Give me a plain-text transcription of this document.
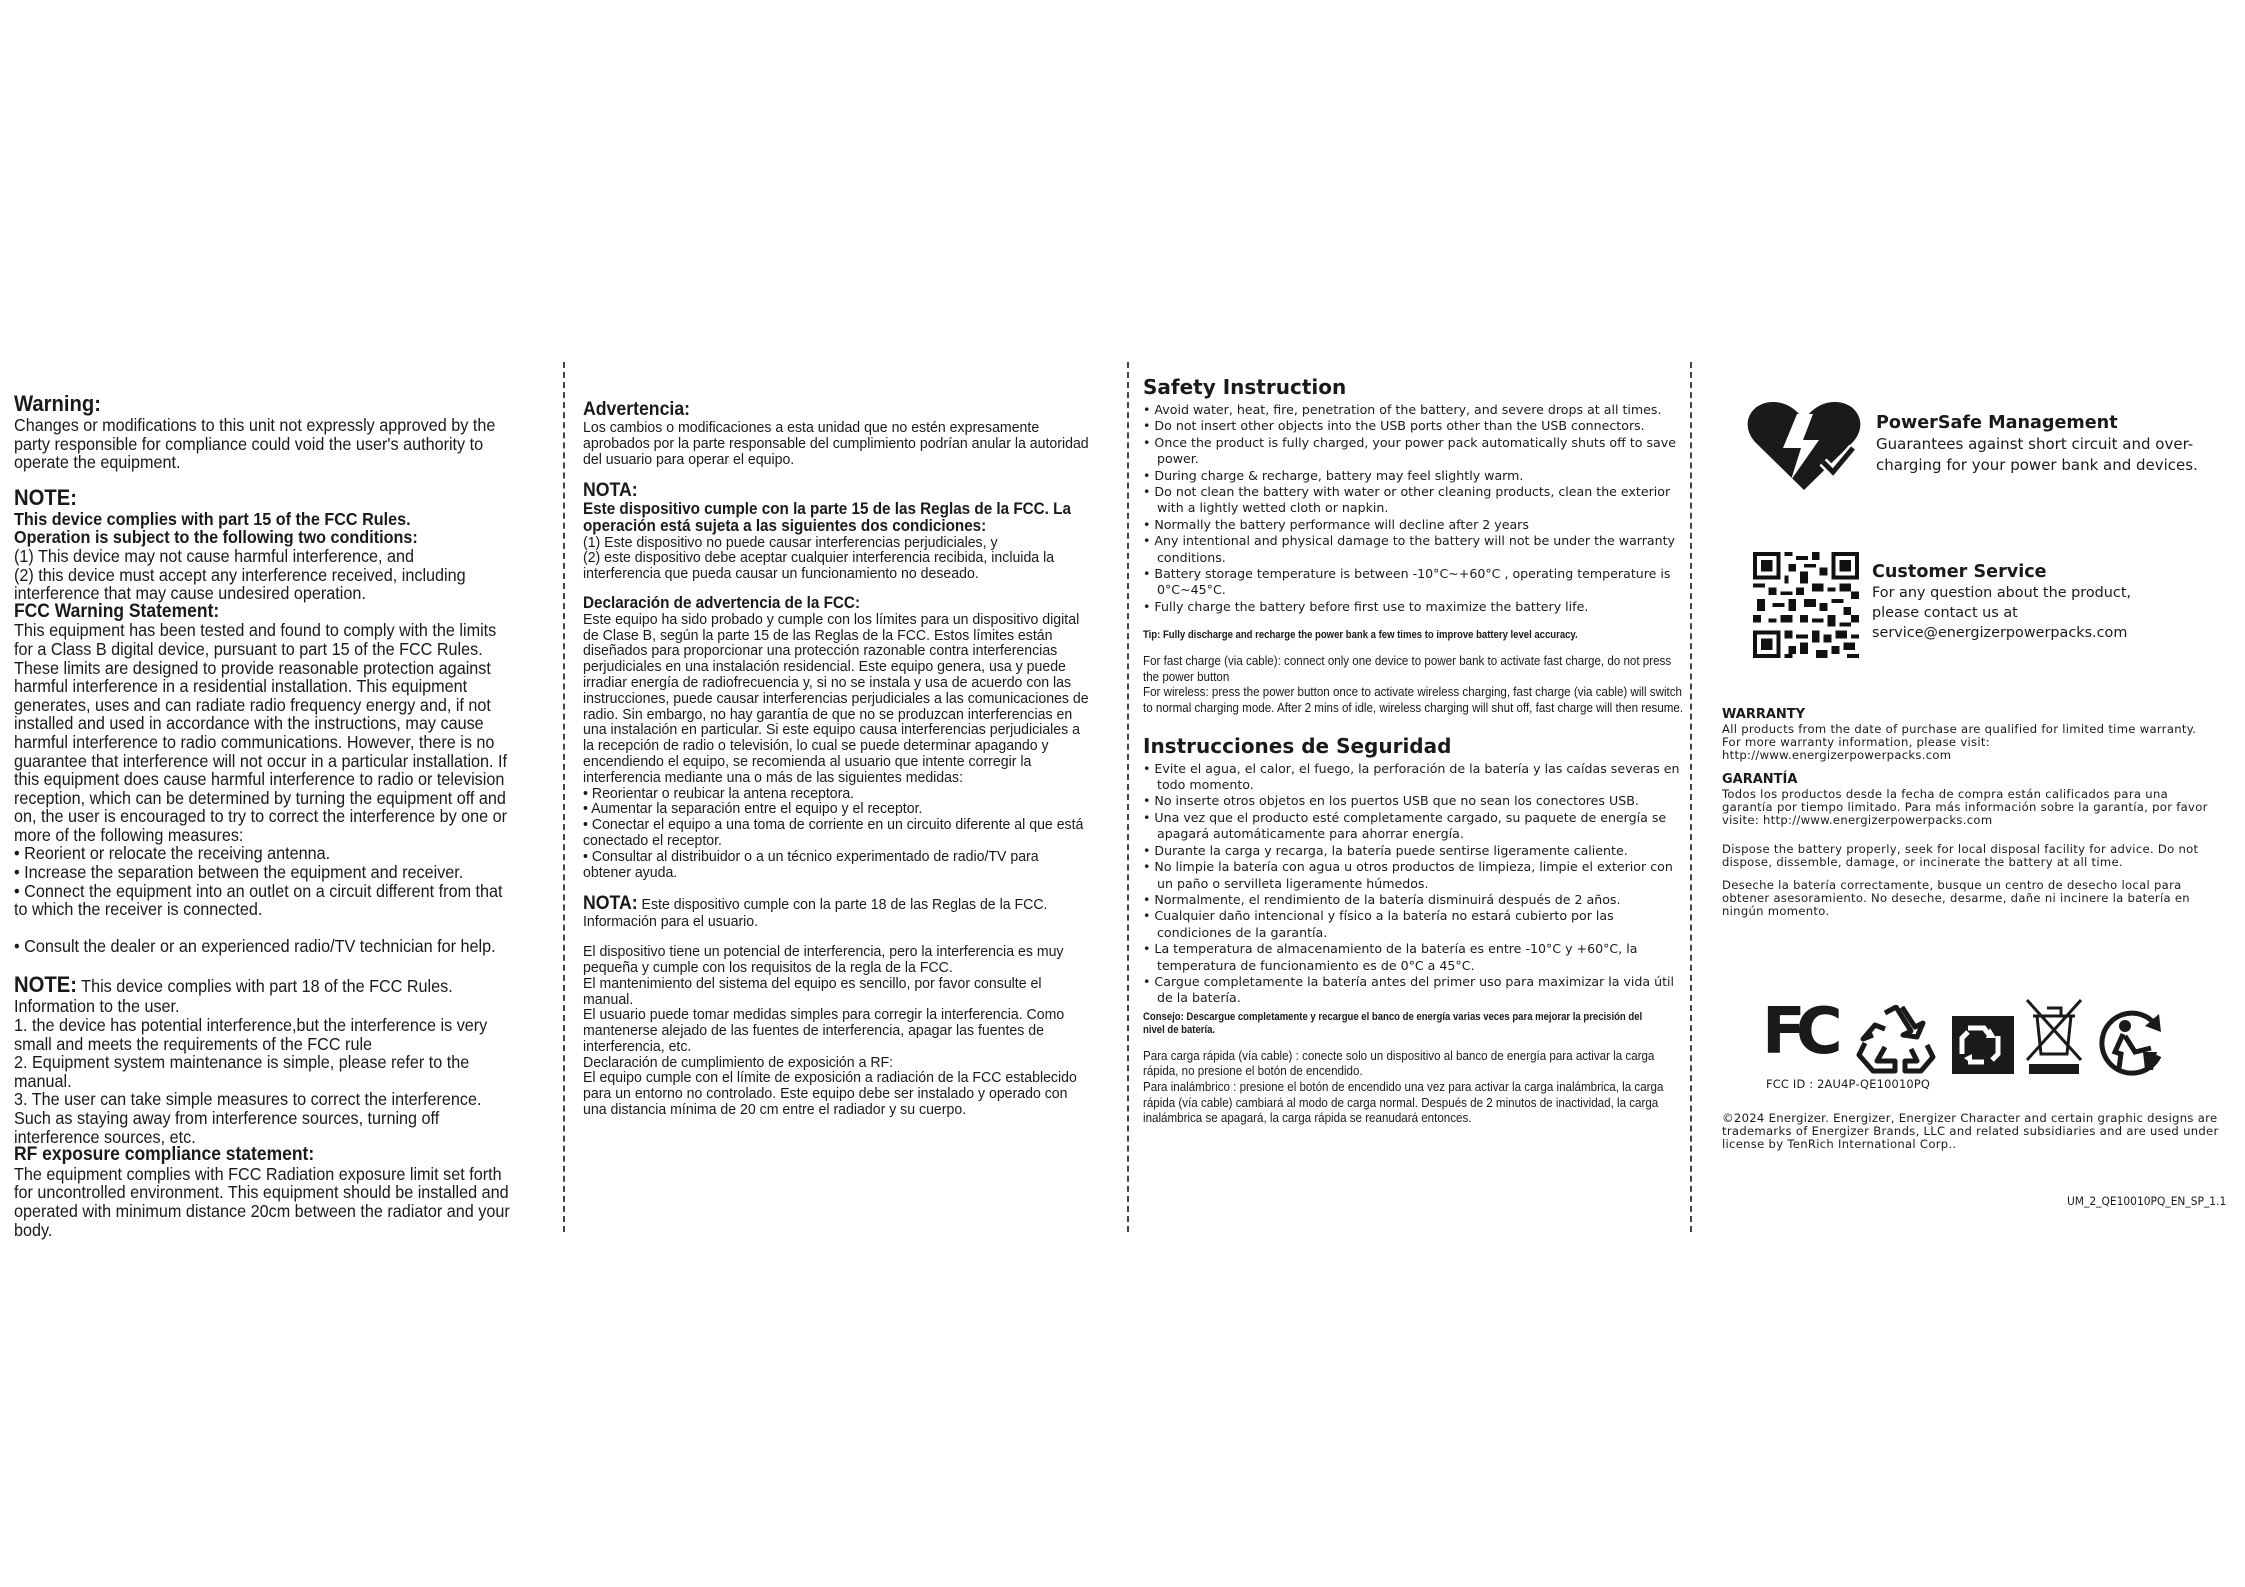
Warning:

Changes or modifications to this unit not expressly approved by the party responsible for compliance could void the user's authority to operate the equipment.

NOTE:

This device complies with part 15 of the FCC Rules.

Operation is subject to the following two conditions:

(1) This device may not cause harmful interference, and

(2) this device must accept any interference received, including interference that may cause undesired operation.

FCC Warning Statement:

This equipment has been tested and found to comply with the limits for a Class B digital device, pursuant to part 15 of the FCC Rules. These limits are designed to provide reasonable protection against harmful interference in a residential installation. This equipment generates, uses and can radiate radio frequency energy and, if not installed and used in accordance with the instructions, may cause harmful interference to radio communications. However, there is no guarantee that interference will not occur in a particular installation. If this equipment does cause harmful interference to radio or television reception, which can be determined by turning the equipment off and on, the user is encouraged to try to correct the interference by one or more of the following measures:

• Reorient or relocate the receiving antenna.

• Increase the separation between the equipment and receiver.

• Connect the equipment into an outlet on a circuit different from that to which the receiver is connected.

• Consult the dealer or an experienced radio/TV technician for help.

NOTE: This device complies with part 18 of the FCC Rules.

Information to the user.

1. the device has potential interference,but the interference is very small and meets the requirements of the FCC rule

2. Equipment system maintenance is simple, please refer to the manual.

3. The user can take simple measures to correct the interference. Such as staying away from interference sources, turning off interference sources, etc.

RF exposure compliance statement:

The equipment complies with FCC Radiation exposure limit set forth for uncontrolled environment. This equipment should be installed and operated with minimum distance 20cm between the radiator and your body.

Advertencia:

Los cambios o modificaciones a esta unidad que no estén expresamente aprobados por la parte responsable del cumplimiento podrían anular la autoridad del usuario para operar el equipo.

NOTA:

Este dispositivo cumple con la parte 15 de las Reglas de la FCC. La operación está sujeta a las siguientes dos condiciones:

(1) Este dispositivo no puede causar interferencias perjudiciales, y

(2) este dispositivo debe aceptar cualquier interferencia recibida, incluida la interferencia que pueda causar un funcionamiento no deseado.

Declaración de advertencia de la FCC:

Este equipo ha sido probado y cumple con los límites para un dispositivo digital de Clase B, según la parte 15 de las Reglas de la FCC. Estos límites están diseñados para proporcionar una protección razonable contra interferencias perjudiciales en una instalación residencial. Este equipo genera, usa y puede irradiar energía de radiofrecuencia y, si no se instala y usa de acuerdo con las instrucciones, puede causar interferencias perjudiciales a las comunicaciones de radio. Sin embargo, no hay garantía de que no se produzcan interferencias en una instalación en particular. Si este equipo causa interferencias perjudiciales a la recepción de radio o televisión, lo cual se puede determinar apagando y encendiendo el equipo, se recomienda al usuario que intente corregir la interferencia mediante una o más de las siguientes medidas:

• Reorientar o reubicar la antena receptora.

• Aumentar la separación entre el equipo y el receptor.

• Conectar el equipo a una toma de corriente en un circuito diferente al que está conectado el receptor.

• Consultar al distribuidor o a un técnico experimentado de radio/TV para obtener ayuda.

NOTA: Este dispositivo cumple con la parte 18 de las Reglas de la FCC.

Información para el usuario.

El dispositivo tiene un potencial de interferencia, pero la interferencia es muy pequeña y cumple con los requisitos de la regla de la FCC.

El mantenimiento del sistema del equipo es sencillo, por favor consulte el manual.

El usuario puede tomar medidas simples para corregir la interferencia. Como mantenerse alejado de las fuentes de interferencia, apagar las fuentes de interferencia, etc.

Declaración de cumplimiento de exposición a RF:

El equipo cumple con el límite de exposición a radiación de la FCC establecido para un entorno no controlado. Este equipo debe ser instalado y operado con una distancia mínima de 20 cm entre el radiador y su cuerpo.

Safety Instruction

• Avoid water, heat, fire, penetration of the battery, and severe drops at all times.

• Do not insert other objects into the USB ports other than the USB connectors.

• Once the product is fully charged, your power pack automatically shuts off to save power.

• During charge & recharge, battery may feel slightly warm.

• Do not clean the battery with water or other cleaning products, clean the exterior with a lightly wetted cloth or napkin.

• Normally the battery performance will decline after 2 years

• Any intentional and physical damage to the battery will not be under the warranty conditions.

• Battery storage temperature is between -10°C~+60°C , operating temperature is 0°C~45°C.

• Fully charge the battery before first use to maximize the battery life.

Tip: Fully discharge and recharge the power bank a few times to improve battery level accuracy.

For fast charge (via cable): connect only one device to power bank to activate fast charge, do not press the power button

For wireless: press the power button once to activate wireless charging, fast charge (via cable) will switch to normal charging mode. After 2 mins of idle, wireless charging will shut off, fast charge will then resume.

Instrucciones de Seguridad

• Evite el agua, el calor, el fuego, la perforación de la batería y las caídas severas en todo momento.

• No inserte otros objetos en los puertos USB que no sean los conectores USB.

• Una vez que el producto esté completamente cargado, su paquete de energía se apagará automáticamente para ahorrar energía.

• Durante la carga y recarga, la batería puede sentirse ligeramente caliente.

• No limpie la batería con agua u otros productos de limpieza, limpie el exterior con un paño o servilleta ligeramente húmedos.

• Normalmente, el rendimiento de la batería disminuirá después de 2 años.

• Cualquier daño intencional y físico a la batería no estará cubierto por las condiciones de la garantía.

• La temperatura de almacenamiento de la batería es entre -10°C y +60°C, la temperatura de funcionamiento es de 0°C a 45°C.

• Cargue completamente la batería antes del primer uso para maximizar la vida útil de la batería.

Consejo: Descargue completamente y recargue el banco de energía varias veces para mejorar la precisión del nivel de batería.

Para carga rápida (vía cable) : conecte solo un dispositivo al banco de energía para activar la carga rápida, no presione el botón de encendido.

Para inalámbrico : presione el botón de encendido una vez para activar la carga inalámbrica, la carga rápida (vía cable) cambiará al modo de carga normal. Después de 2 minutos de inactividad, la carga inalámbrica se apagará, la carga rápida se reanudará entonces.

PowerSafe Management

Guarantees against short circuit and over-charging for your power bank and devices.

Customer Service

For any question about the product,

please contact us at

service@energizerpowerpacks.com

WARRANTY

All products from the date of purchase are qualified for limited time warranty. For more warranty information, please visit: http://www.energizerpowerpacks.com

GARANTÍA

Todos los productos desde la fecha de compra están calificados para una garantía por tiempo limitado. Para más información sobre la garantía, por favor visite: http://www.energizerpowerpacks.com

Dispose the battery properly, seek for local disposal facility for advice. Do not dispose, dissemble, damage, or incinerate the battery at all time.

Deseche la batería correctamente, busque un centro de desecho local para obtener asesoramiento. No deseche, desarme, dañe ni incinere la batería en ningún momento.

FC

FCC ID : 2AU4P-QE10010PQ

©2024 Energizer. Energizer, Energizer Character and certain graphic designs are trademarks of Energizer Brands, LLC and related subsidiaries and are used under license by TenRich International Corp..

UM_2_QE10010PQ_EN_SP_1.1
